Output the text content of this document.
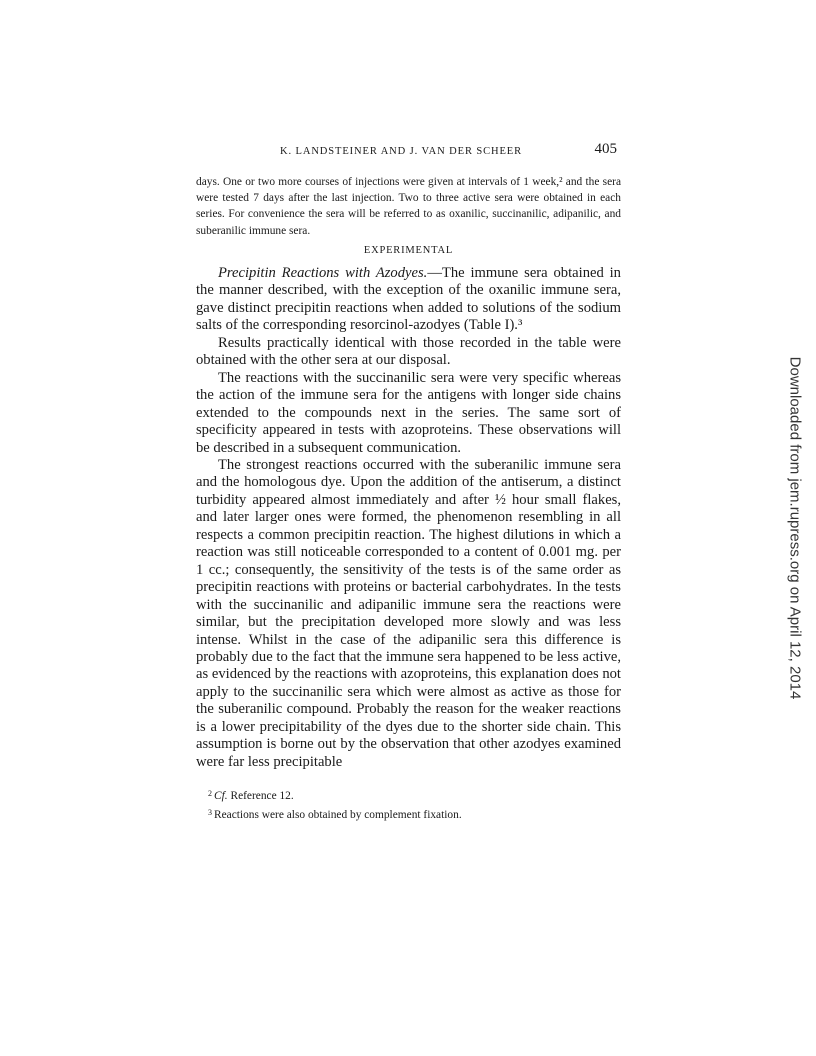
K. LANDSTEINER AND J. VAN DER SCHEER	405

days. One or two more courses of injections were given at intervals of 1 week,² and the sera were tested 7 days after the last injection. Two to three active sera were obtained in each series. For convenience the sera will be referred to as oxanilic, succinanilic, adipanilic, and suberanilic immune sera.

EXPERIMENTAL

Precipitin Reactions with Azodyes.—The immune sera obtained in the manner described, with the exception of the oxanilic immune sera, gave distinct precipitin reactions when added to solutions of the sodium salts of the corresponding resorcinol-azodyes (Table I).³

Results practically identical with those recorded in the table were obtained with the other sera at our disposal.

The reactions with the succinanilic sera were very specific whereas the action of the immune sera for the antigens with longer side chains extended to the compounds next in the series. The same sort of specificity appeared in tests with azoproteins. These observations will be described in a subsequent communication.

The strongest reactions occurred with the suberanilic immune sera and the homologous dye. Upon the addition of the antiserum, a distinct turbidity appeared almost immediately and after ½ hour small flakes, and later larger ones were formed, the phenomenon resembling in all respects a common precipitin reaction. The highest dilutions in which a reaction was still noticeable corresponded to a content of 0.001 mg. per 1 cc.; consequently, the sensitivity of the tests is of the same order as precipitin reactions with proteins or bacterial carbohydrates. In the tests with the succinanilic and adipanilic immune sera the reactions were similar, but the precipitation developed more slowly and was less intense. Whilst in the case of the adipanilic sera this difference is probably due to the fact that the immune sera happened to be less active, as evidenced by the reactions with azoproteins, this explanation does not apply to the succinanilic sera which were almost as active as those for the suberanilic compound. Probably the reason for the weaker reactions is a lower precipitability of the dyes due to the shorter side chain. This assumption is borne out by the observation that other azodyes examined were far less precipitable

$^2$ Cf. Reference 12.

$^3$ Reactions were also obtained by complement fixation.

Downloaded from jem.rupress.org on April 12, 2014
